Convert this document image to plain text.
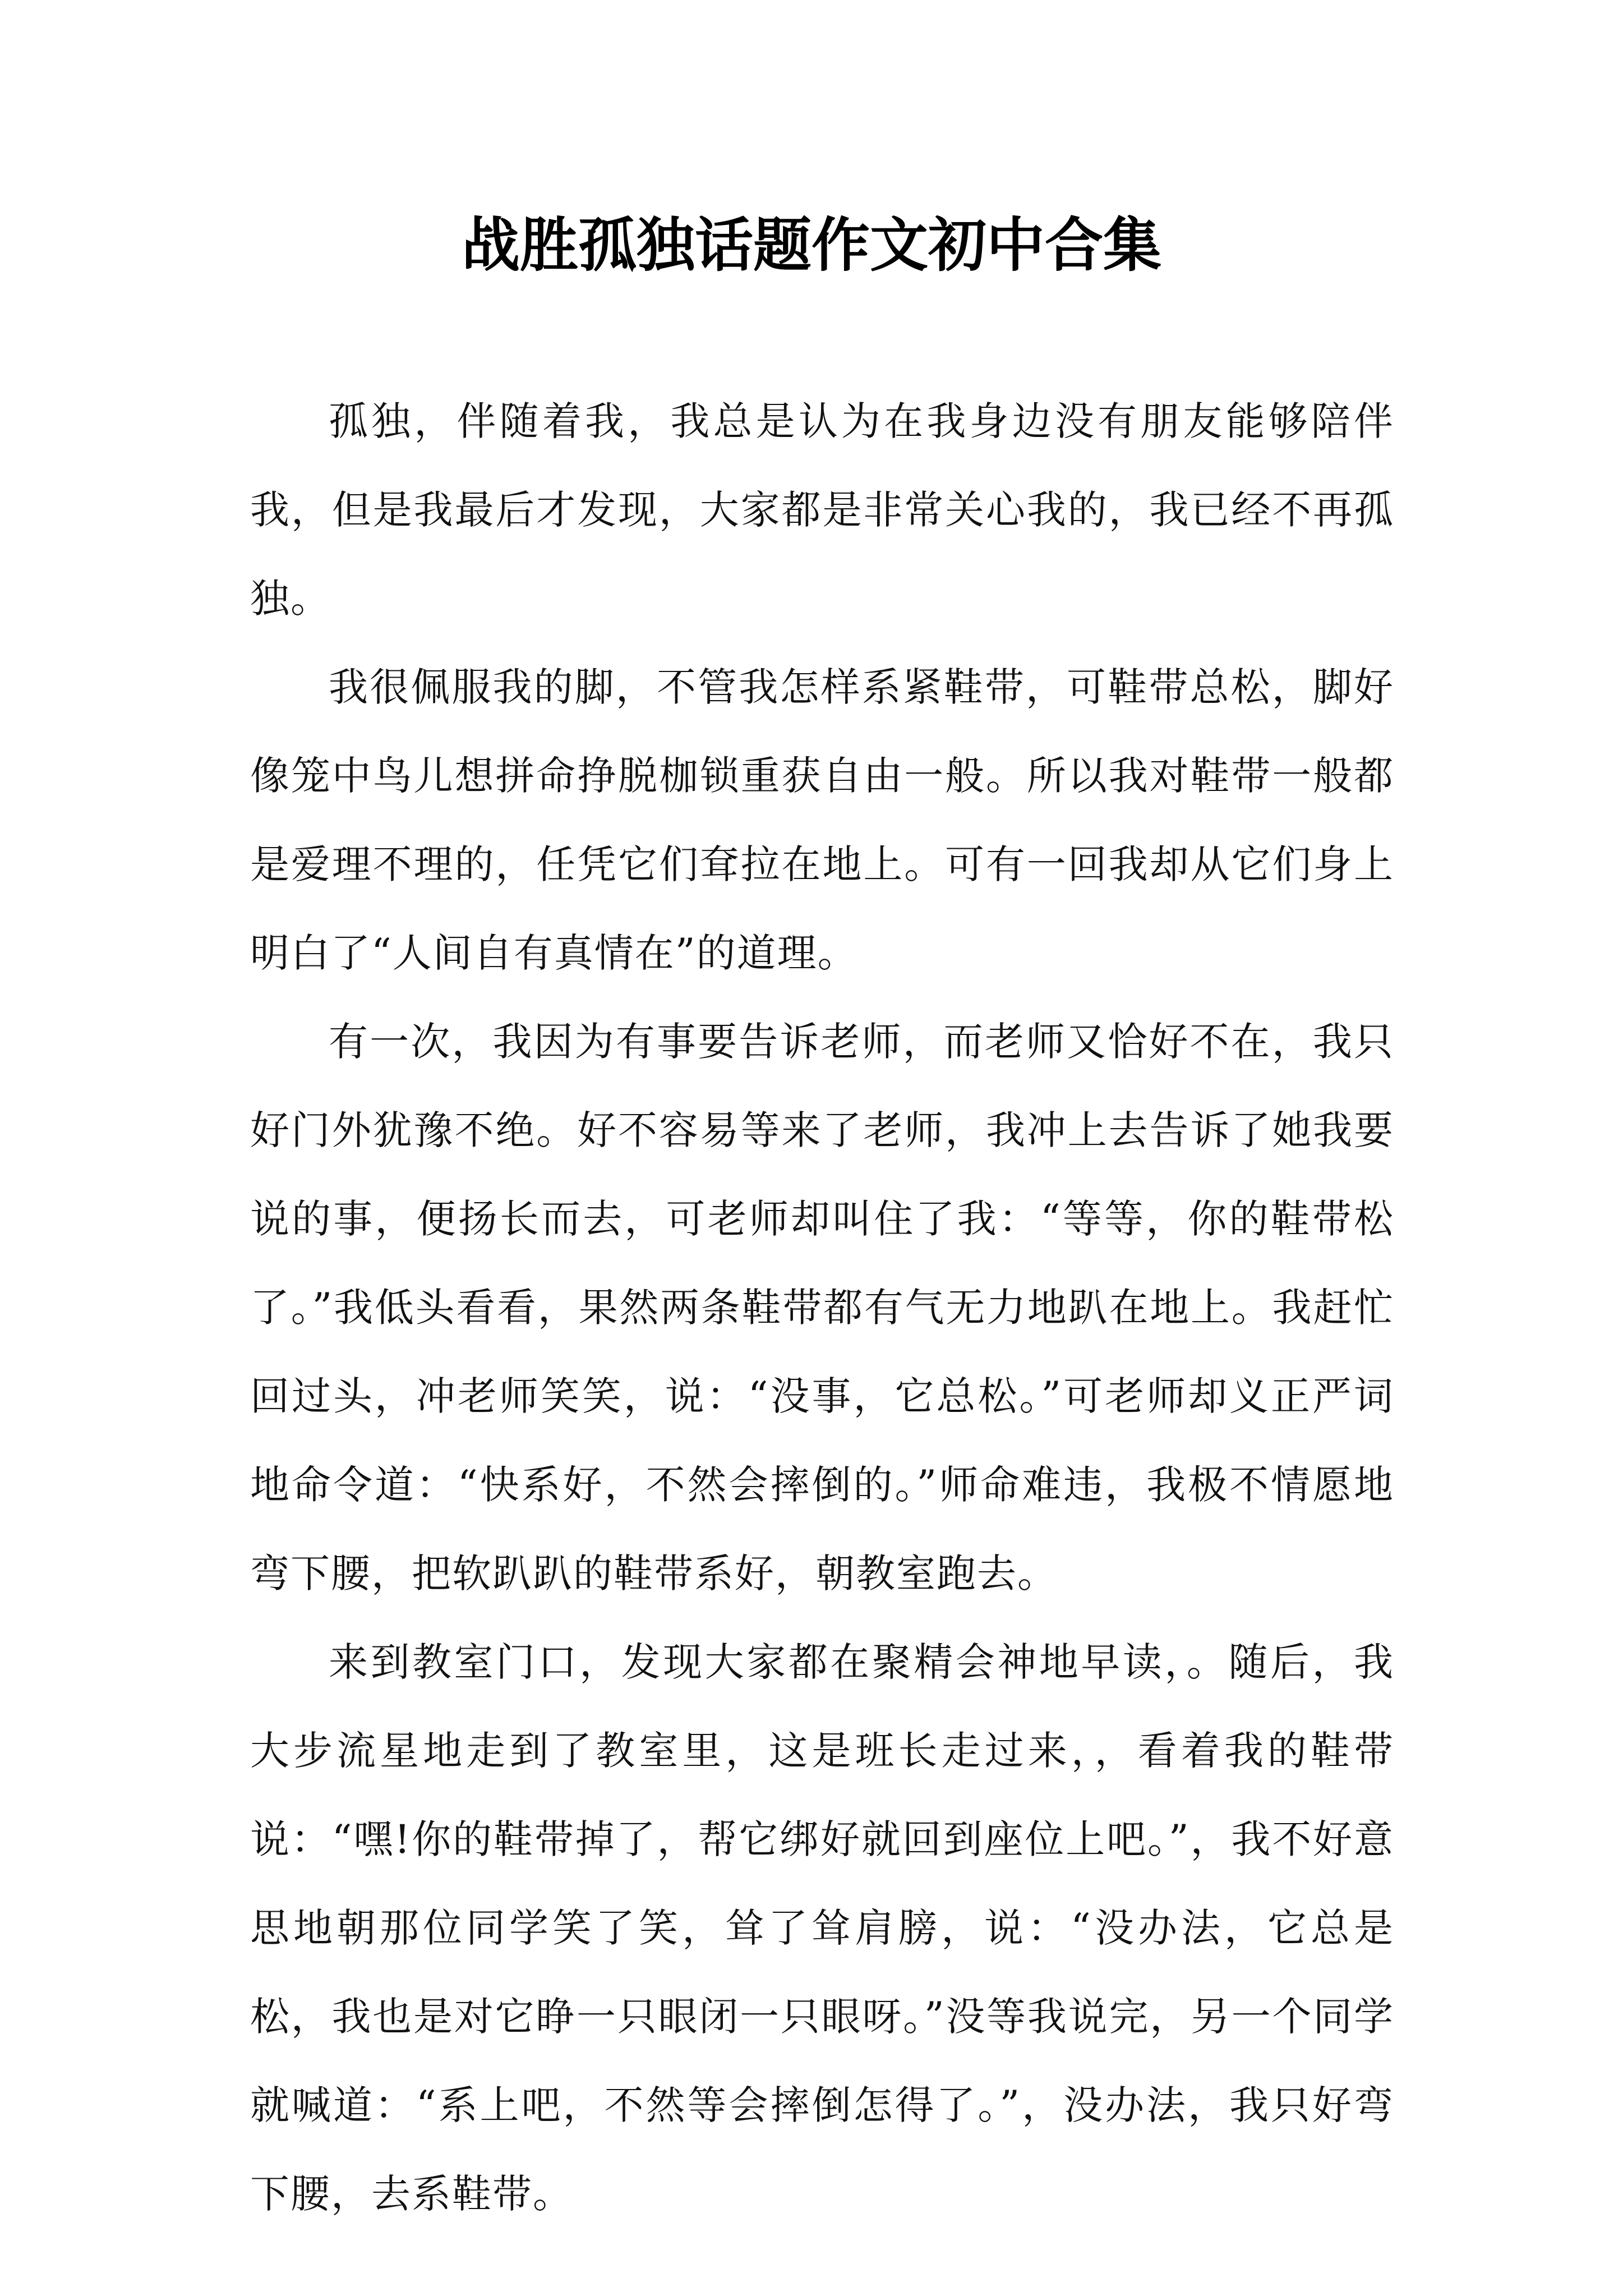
战胜孤独话题作文初中合集

孤独，伴随着我，我总是认为在我身边没有朋友能够陪伴我，但是我最后才发现，大家都是非常关心我的，我已经不再孤独。

我很佩服我的脚，不管我怎样系紧鞋带，可鞋带总松，脚好像笼中鸟儿想拼命挣脱枷锁重获自由一般。所以我对鞋带一般都是爱理不理的，任凭它们耷拉在地上。可有一回我却从它们身上明白了“人间自有真情在”的道理。

有一次，我因为有事要告诉老师，而老师又恰好不在，我只好门外犹豫不绝。好不容易等来了老师，我冲上去告诉了她我要说的事，便扬长而去，可老师却叫住了我：“等等，你的鞋带松了。”我低头看看，果然两条鞋带都有气无力地趴在地上。我赶忙回过头，冲老师笑笑，说：“没事，它总松。”可老师却义正严词地命令道：“快系好，不然会摔倒的。”师命难违，我极不情愿地弯下腰，把软趴趴的鞋带系好，朝教室跑去。

来到教室门口，发现大家都在聚精会神地早读，。随后，我大步流星地走到了教室里，这是班长走过来，，看着我的鞋带说：“嘿!你的鞋带掉了，帮它绑好就回到座位上吧。”，我不好意思地朝那位同学笑了笑，耸了耸肩膀，说：“没办法，它总是松，我也是对它睁一只眼闭一只眼呀。”没等我说完，另一个同学就喊道：“系上吧，不然等会摔倒怎得了。”，没办法，我只好弯下腰，去系鞋带。
